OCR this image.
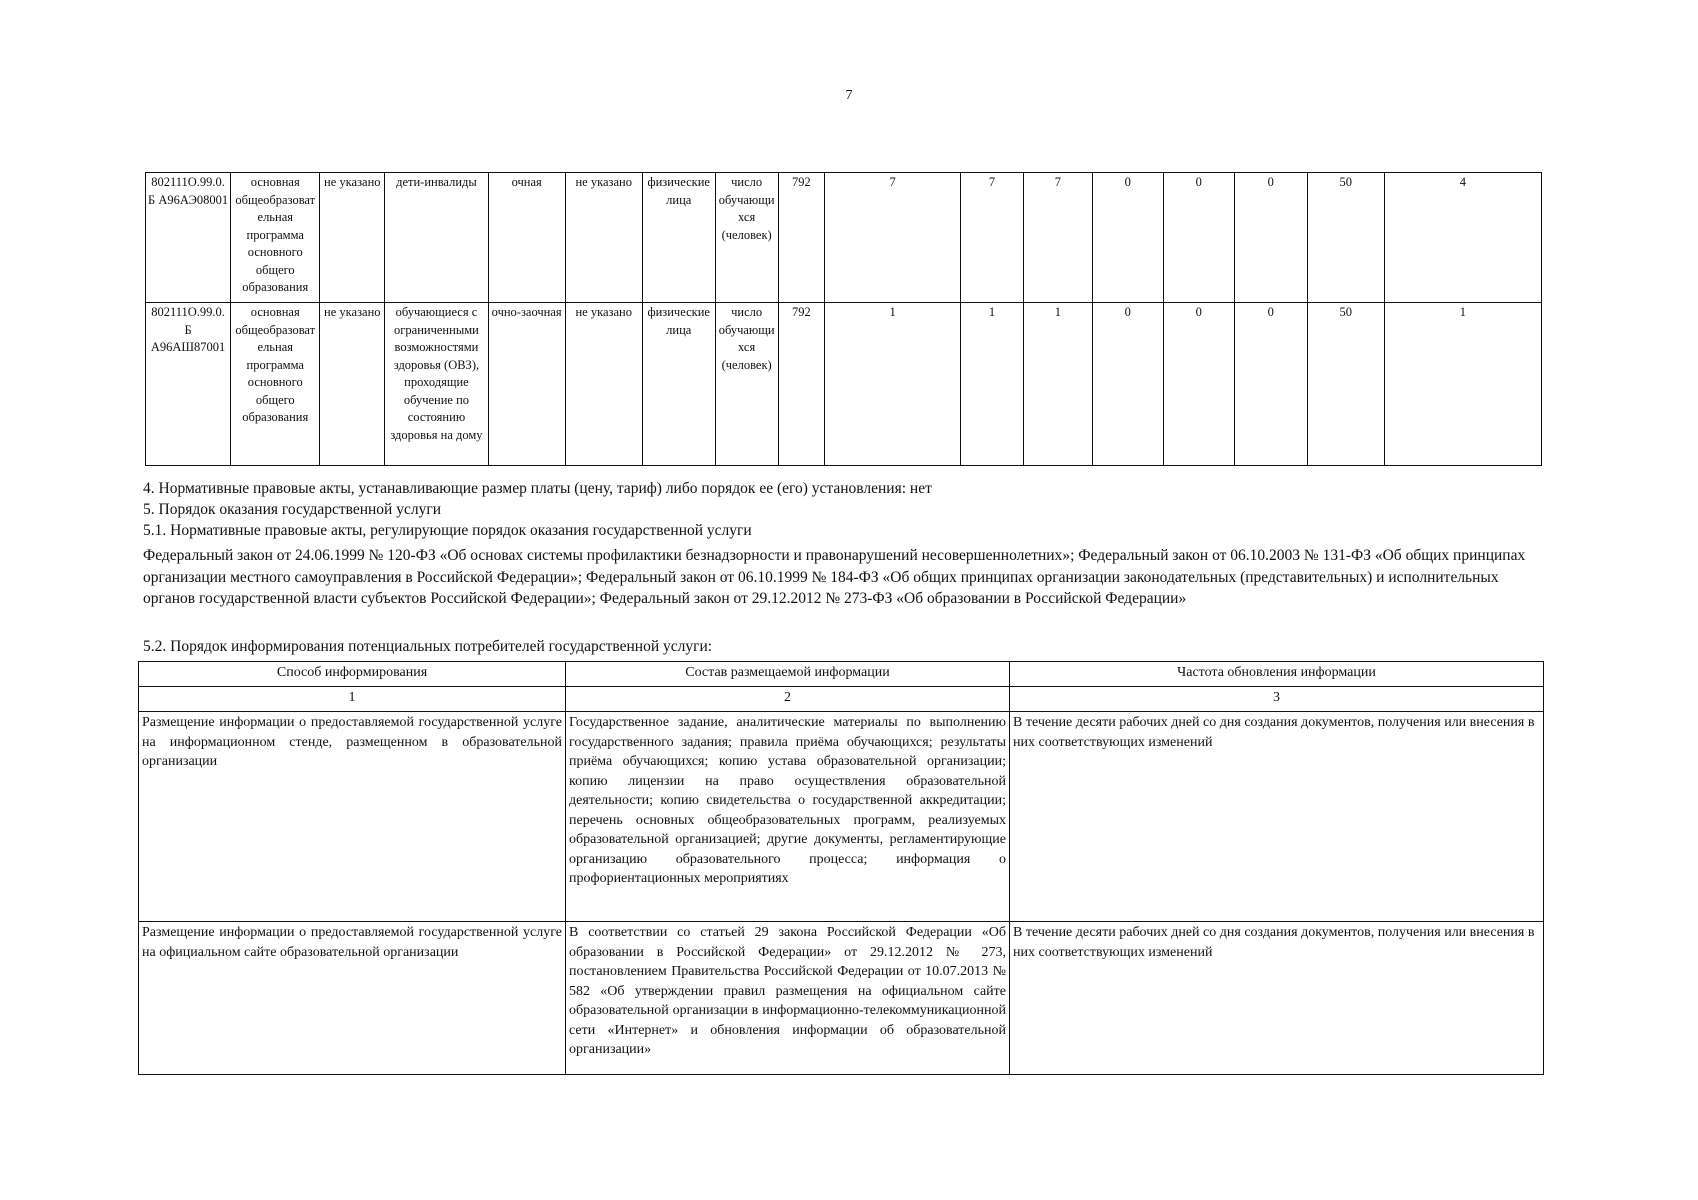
7
802111О.99.0.Б А96АЭ08001	основная общеобразовательная программа основного общего образования	не указано	дети-инвалиды	очная	не указано	физические лица	число обучающихся (человек)	792	7	7	7	0	0	0	50	4
802111О.99.0.Б А96АШ87001	основная общеобразовательная программа основного общего образования	не указано	обучающиеся с ограниченными возможностями здоровья (ОВЗ), проходящие обучение по состоянию здоровья на дому	очно-заочная	не указано	физические лица	число обучающихся (человек)	792	1	1	1	0	0	0	50	1
4. Нормативные правовые акты, устанавливающие размер платы (цену, тариф) либо порядок ее (его) установления: нет
5. Порядок оказания государственной услуги
5.1. Нормативные правовые акты, регулирующие порядок оказания государственной услуги
Федеральный закон от 24.06.1999 № 120-ФЗ «Об основах системы профилактики безнадзорности и правонарушений несовершеннолетних»; Федеральный закон от 06.10.2003 № 131-ФЗ «Об общих принципах организации местного самоуправления в Российской Федерации»; Федеральный закон от 06.10.1999 № 184-ФЗ «Об общих принципах организации законодательных (представительных) и исполнительных органов государственной власти субъектов Российской Федерации»; Федеральный закон от 29.12.2012 № 273-ФЗ «Об образовании в Российской Федерации»
5.2. Порядок информирования потенциальных потребителей государственной услуги:
Способ информирования	Состав размещаемой информации	Частота обновления информации
1	2	3
Размещение информации о предоставляемой государственной услуге на информационном стенде, размещенном в образовательной организации	Государственное задание, аналитические материалы по выполнению государственного задания; правила приёма обучающихся; результаты приёма обучающихся; копию устава образовательной организации; копию лицензии на право осуществления образовательной деятельности; копию свидетельства о государственной аккредитации; перечень основных общеобразовательных программ, реализуемых образовательной организацией; другие документы, регламентирующие организацию образовательного процесса; информация о профориентационных мероприятиях	В течение десяти рабочих дней со дня создания документов, получения или внесения в них соответствующих изменений
Размещение информации о предоставляемой государственной услуге на официальном сайте образовательной организации	В соответствии со статьей 29 закона Российской Федерации «Об образовании в Российской Федерации» от 29.12.2012 № 273, постановлением Правительства Российской Федерации от 10.07.2013 № 582 «Об утверждении правил размещения на официальном сайте образовательной организации в информационно-телекоммуникационной сети «Интернет» и обновления информации об образовательной организации»	В течение десяти рабочих дней со дня создания документов, получения или внесения в них соответствующих изменений
